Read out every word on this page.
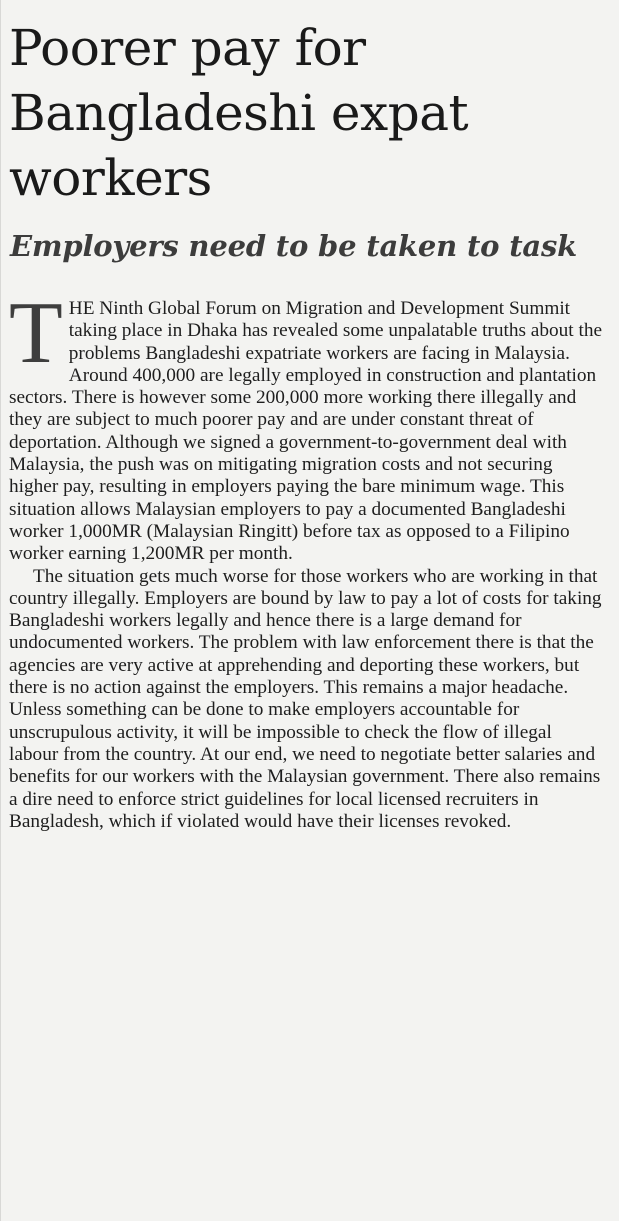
Poorer pay for Bangladeshi expat workers
Employers need to be taken to task

THE Ninth Global Forum on Migration and Development Summit taking place in Dhaka has revealed some unpalatable truths about the problems Bangladeshi expatriate workers are facing in Malaysia. Around 400,000 are legally employed in construction and plantation sectors. There is however some 200,000 more working there illegally and they are subject to much poorer pay and are under constant threat of deportation. Although we signed a government-to-government deal with Malaysia, the push was on mitigating migration costs and not securing higher pay, resulting in employers paying the bare minimum wage. This situation allows Malaysian employers to pay a documented Bangladeshi worker 1,000MR (Malaysian Ringitt) before tax as opposed to a Filipino worker earning 1,200MR per month.

The situation gets much worse for those workers who are working in that country illegally. Employers are bound by law to pay a lot of costs for taking Bangladeshi workers legally and hence there is a large demand for undocumented workers. The problem with law enforcement there is that the agencies are very active at apprehending and deporting these workers, but there is no action against the employers. This remains a major headache. Unless something can be done to make employers accountable for unscrupulous activity, it will be impossible to check the flow of illegal labour from the country. At our end, we need to negotiate better salaries and benefits for our workers with the Malaysian government. There also remains a dire need to enforce strict guidelines for local licensed recruiters in Bangladesh, which if violated would have their licenses revoked.
